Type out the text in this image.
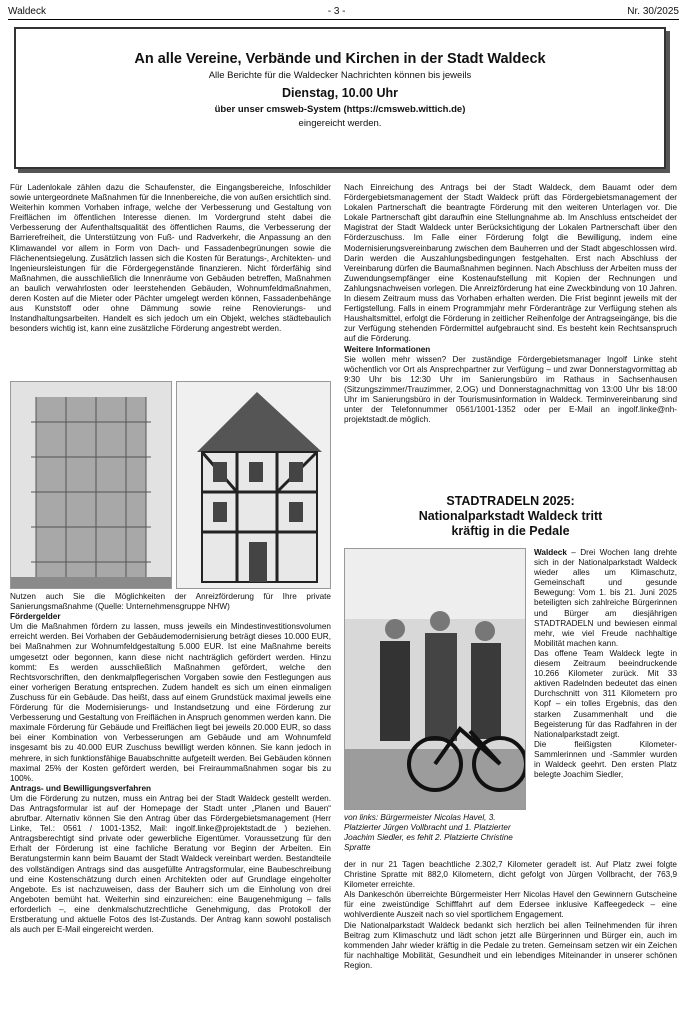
Waldeck	- 3 -	Nr. 30/2025
An alle Vereine, Verbände und Kirchen in der Stadt Waldeck
Alle Berichte für die Waldecker Nachrichten können bis jeweils
Dienstag, 10.00 Uhr
über unser cmsweb-System (https://cmsweb.wittich.de)
eingereicht werden.

Für Ladenlokale zählen dazu die Schaufenster, die Eingangsbereiche, Infoschilder sowie untergeordnete Maßnahmen für die Innenbereiche, die von außen ersichtlich sind. Weiterhin kommen Vorhaben infrage, welche der Verbesserung und Gestaltung von Freiflächen im öffentlichen Interesse dienen. Im Vordergrund steht dabei die Verbesserung der Aufenthaltsqualität des öffentlichen Raums, die Verbesserung der Barrierefreiheit, die Unterstützung von Fuß- und Radverkehr, die Anpassung an den Klimawandel vor allem in Form von Dach- und Fassadenbegrünungen sowie die Flächenentsiegelung. Zusätzlich lassen sich die Kosten für Beratungs-, Architekten- und Ingenieursleistungen für die Fördergegenstände finanzieren. Nicht förderfähig sind Maßnahmen, die ausschließlich die Innenräume von Gebäuden betreffen, Maßnahmen an baulich verwahrlosten oder leerstehenden Gebäuden, Wohnumfeldmaßnahmen, deren Kosten auf die Mieter oder Pächter umgelegt werden können, Fassadenbehänge aus Kunststoff oder ohne Dämmung sowie reine Renovierungs- und Instandhaltungsarbeiten. Handelt es sich jedoch um ein Objekt, welches städtebaulich besonders wichtig ist, kann eine zusätzliche Förderung angestrebt werden.

Nutzen auch Sie die Möglichkeiten der Anreizförderung für Ihre private Sanierungsmaßnahme (Quelle: Unternehmensgruppe NHW)

Fördergelder

Um die Maßnahmen fördern zu lassen, muss jeweils ein Mindestinvestitionsvolumen erreicht werden. Bei Vorhaben der Gebäudemodernisierung beträgt dieses 10.000 EUR, bei Maßnahmen zur Wohnumfeldgestaltung 5.000 EUR. Ist eine Maßnahme bereits umgesetzt oder begonnen, kann diese nicht nachträglich gefördert werden. Hinzu kommt: Es werden ausschließlich Maßnahmen gefördert, welche den Rechtsvorschriften, den denkmalpflegerischen Vorgaben sowie den Festlegungen aus einer vorherigen Beratung entsprechen. Zudem handelt es sich um einen einmaligen Zuschuss für ein Gebäude. Das heißt, dass auf einem Grundstück maximal jeweils eine Förderung für die Modernisierungs- und Instandsetzung und eine Förderung zur Verbesserung und Gestaltung von Freiflächen in Anspruch genommen werden kann. Die maximale Förderung für Gebäude und Freiflächen liegt bei jeweils 20.000 EUR, so dass bei einer Kombination von Verbesserungen am Gebäude und am Wohnumfeld insgesamt bis zu 40.000 EUR Zuschuss bewilligt werden können. Sie kann jedoch in mehrere, in sich funktionsfähige Bauabschnitte aufgeteilt werden. Bei Gebäuden können maximal 25% der Kosten gefördert werden, bei Freiraummaßnahmen sogar bis zu 100%.

Antrags- und Bewilligungsverfahren

Um die Förderung zu nutzen, muss ein Antrag bei der Stadt Waldeck gestellt werden. Das Antragsformular ist auf der Homepage der Stadt unter „Planen und Bauen“ abrufbar. Alternativ können Sie den Antrag über das Fördergebietsmanagement (Herr Linke, Tel.: 0561 / 1001-1352, Mail: ingolf.linke@projektstadt.de ) beziehen. Antragsberechtigt sind private oder gewerbliche Eigentümer. Voraussetzung für den Erhalt der Förderung ist eine fachliche Beratung vor Beginn der Arbeiten. Ein Beratungstermin kann beim Bauamt der Stadt Waldeck vereinbart werden. Bestandteile des vollständigen Antrags sind das ausgefüllte Antragsformular, eine Baubeschreibung und eine Kostenschätzung durch einen Architekten oder auf Grundlage eingeholter Angebote. Es ist nachzuweisen, dass der Bauherr sich um die Einholung von drei Angeboten bemüht hat. Weiterhin sind einzureichen: eine Baugenehmigung – falls erforderlich –, eine denkmalschutzrechtliche Genehmigung, das Protokoll der Erstberatung und aktuelle Fotos des Ist-Zustands. Der Antrag kann sowohl postalisch als auch per E-Mail eingereicht werden.

Nach Einreichung des Antrags bei der Stadt Waldeck, dem Bauamt oder dem Fördergebietsmanagement der Stadt Waldeck prüft das Fördergebietsmanagement der Lokalen Partnerschaft die beantragte Förderung mit den weiteren Unterlagen vor. Die Lokale Partnerschaft gibt daraufhin eine Stellungnahme ab. Im Anschluss entscheidet der Magistrat der Stadt Waldeck unter Berücksichtigung der Lokalen Partnerschaft über den Förderzuschuss. Im Falle einer Förderung folgt die Bewilligung, indem eine Modernisierungsvereinbarung zwischen dem Bauherren und der Stadt abgeschlossen wird. Darin werden die Auszahlungsbedingungen festgehalten. Erst nach Abschluss der Vereinbarung dürfen die Baumaßnahmen beginnen. Nach Abschluss der Arbeiten muss der Zuwendungsempfänger eine Kostenaufstellung mit Kopien der Rechnungen und Zahlungsnachweisen vorlegen. Die Anreizförderung hat eine Zweckbindung von 10 Jahren. In diesem Zeitraum muss das Vorhaben erhalten werden. Die Frist beginnt jeweils mit der Fertigstellung. Falls in einem Programmjahr mehr Förderanträge zur Verfügung stehen als Haushaltsmittel, erfolgt die Förderung in zeitlicher Reihenfolge der Antragseingänge, bis die zur Verfügung stehenden Fördermittel aufgebraucht sind. Es besteht kein Rechtsanspruch auf die Förderung.

Weitere Informationen

Sie wollen mehr wissen? Der zuständige Fördergebietsmanager Ingolf Linke steht wöchentlich vor Ort als Ansprechpartner zur Verfügung – und zwar Donnerstagvormittag ab 9:30 Uhr bis 12:30 Uhr im Sanierungsbüro im Rathaus in Sachsenhausen (Sitzungszimmer/Trauzimmer, 2.OG) und Donnerstagnachmittag von 13:00 Uhr bis 18:00 Uhr im Sanierungsbüro in der Tourismusinformation in Waldeck. Terminvereinbarung sind unter der Telefonnummer 0561/1001-1352 oder per E-Mail an ingolf.linke@nh-projektstadt.de möglich.

STADTRADELN 2025:
Nationalparkstadt Waldeck tritt
kräftig in die Pedale
von links: Bürgermeister Nicolas Havel, 3. Platzierter Jürgen Vollbracht und 1. Platzierter Joachim Siedler, es fehlt 2. Platzierte Christine Spratte

Waldeck – Drei Wochen lang drehte sich in der Nationalparkstadt Waldeck wieder alles um Klimaschutz, Gemeinschaft und gesunde Bewegung: Vom 1. bis 21. Juni 2025 beteiligten sich zahlreiche Bürgerinnen und Bürger am diesjährigen STADTRADELN und bewiesen einmal mehr, wie viel Freude nachhaltige Mobilität machen kann.

Das offene Team Waldeck legte in diesem Zeitraum beeindruckende 10.266 Kilometer zurück. Mit 33 aktiven Radelnden bedeutet das einen Durchschnitt von 311 Kilometern pro Kopf – ein tolles Ergebnis, das den starken Zusammenhalt und die Begeisterung für das Radfahren in der Nationalparkstadt zeigt.

Die fleißigsten Kilometer-Sammlerinnen und -Sammler wurden in Waldeck geehrt. Den ersten Platz belegte Joachim Siedler,

der in nur 21 Tagen beachtliche 2.302,7 Kilometer geradelt ist. Auf Platz zwei folgte Christine Spratte mit 882,0 Kilometern, dicht gefolgt von Jürgen Vollbracht, der 763,9 Kilometer erreichte.

Als Dankeschön überreichte Bürgermeister Herr Nicolas Havel den Gewinnern Gutscheine für eine zweistündige Schifffahrt auf dem Edersee inklusive Kaffeegedeck – eine wohlverdiente Auszeit nach so viel sportlichem Engagement.

Die Nationalparkstadt Waldeck bedankt sich herzlich bei allen Teilnehmenden für ihren Beitrag zum Klimaschutz und lädt schon jetzt alle Bürgerinnen und Bürger ein, auch im kommenden Jahr wieder kräftig in die Pedale zu treten. Gemeinsam setzen wir ein Zeichen für nachhaltige Mobilität, Gesundheit und ein lebendiges Miteinander in unserer schönen Region.
